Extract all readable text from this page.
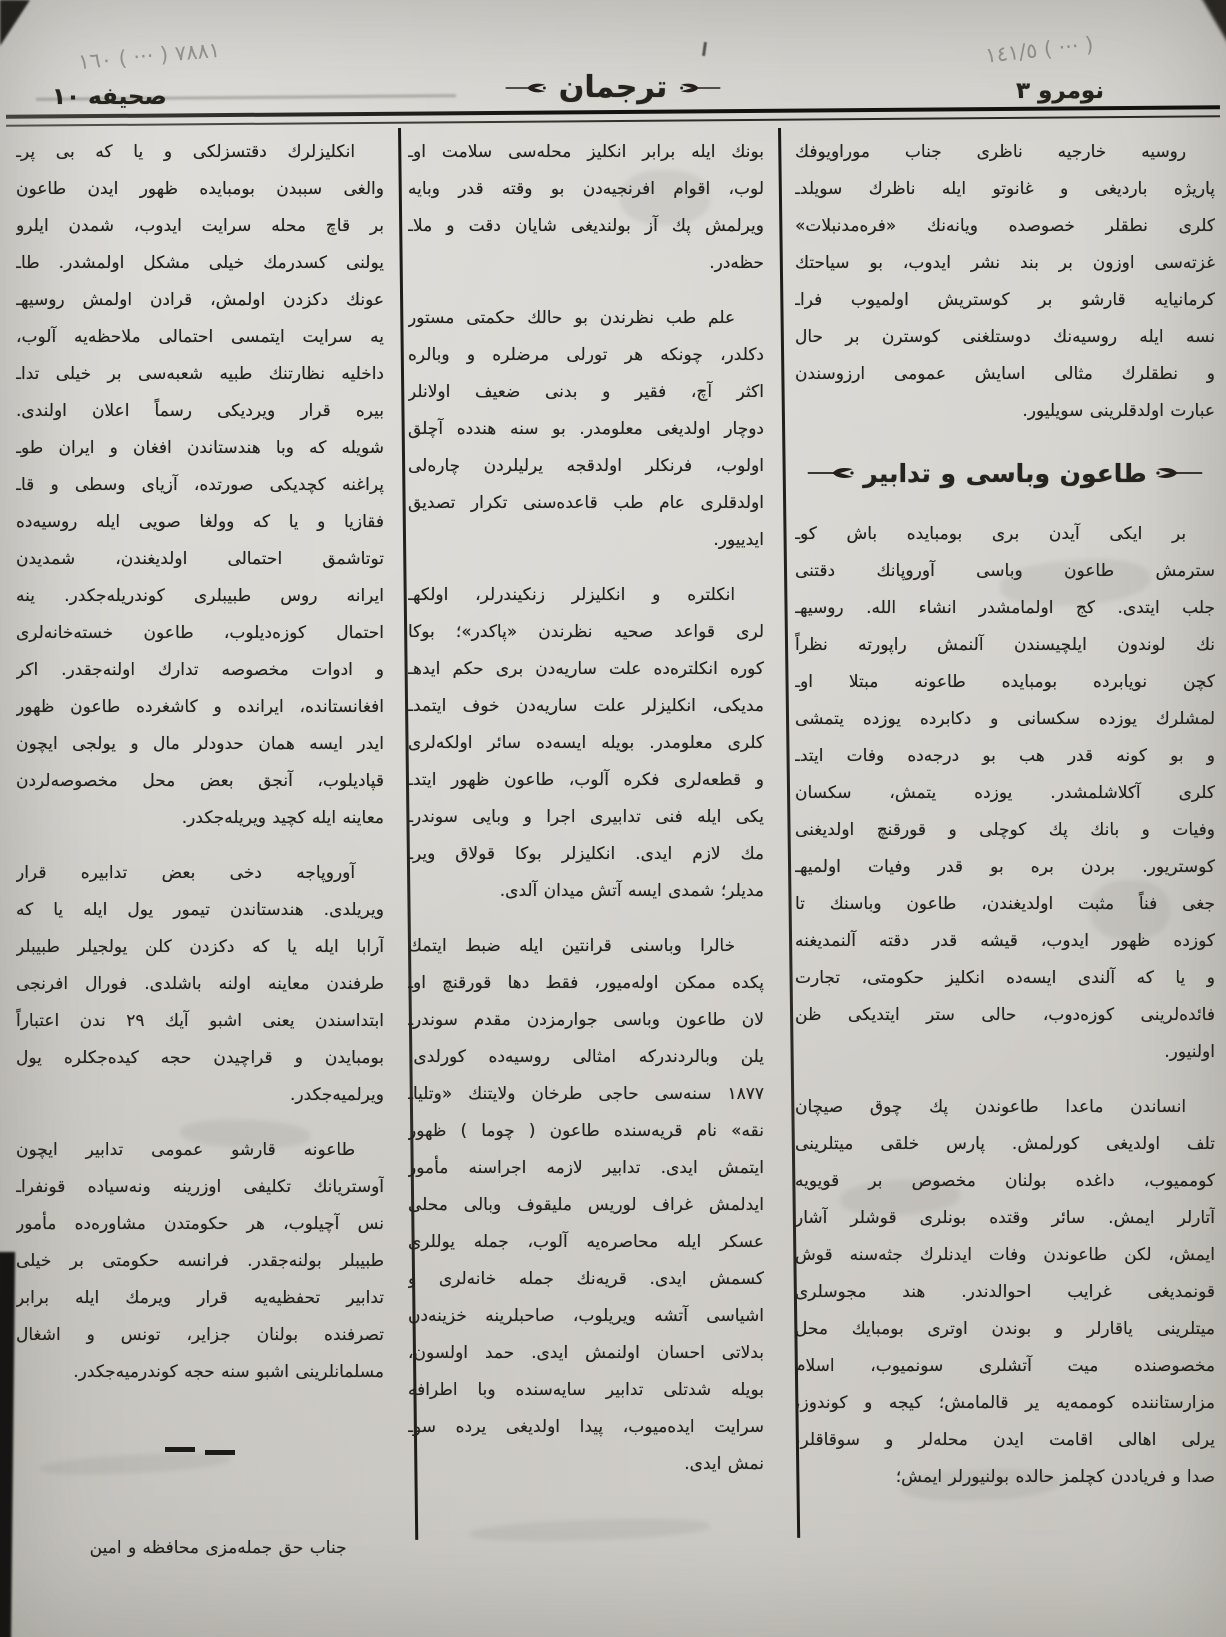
٧٨٨١ ( ··· ) ١٦٠	١٤١/٥ ( ··· )
صحيفه ١٠	ترجمان	نومرو ٣
روسيه خارجيه ناظرى جناب موراويوفك
پاريژه بارديغى و غانوتو ايله ناظرك سويلدـ
كلرى نطقلر خصوصده ويانه‌نك «فره‌مدنبلات»
غزته‌سى اوزون بر بند نشر ايدوب، بو سياحتك
كرمانيايه قارشو بر كوستريش اولميوب فراـ
نسه ايله روسيه‌نك دوستلغنى كوسترن بر حال
و نطقلرك مثالى اسايش عمومى ارزوسندن
عبارت اولدقلرينى سويليور.
طاعون وباسى و تدابير
بر ايكى آيدن برى بومبايده باش كوـ
سترمش طاعون وباسى آوروپانك دقتنى
جلب ايتدى. كج اولمامشدر انشاء الله. روسيهـ
نك لوندون ايلچيسندن آلنمش راپورته نظراً
كچن نويابرده بومبايده طاعونه مبتلا اوـ
لمشلرك يوزده سكسانى و دكابرده يوزده يتمشى
و بو كونه قدر هب بو درجه‌ده وفات ايتدـ
كلرى آكلاشلمشدر. يوزده يتمش، سكسان
وفيات و بانك پك كوچلى و قورقنچ اولديغنى
كوستريور. بردن بره بو قدر وفيات اولميهـ
جغى فناً مثبت اولديغندن، طاعون وباسنك تا
كوزده ظهور ايدوب، قيشه قدر دقته آلنمديغنه
و يا كه آلندى ايسه‌ده انكليز حكومتى، تجارت
فائده‌لرينى كوزه‌دوب، حالى ستر ايتديكى ظن
اولنيور.
انساندن ماعدا طاعوندن پك چوق صيچان
تلف اولديغى كورلمش. پارس خلقى ميتلرينى
كومميوب، داغده بولنان مخصوص بر قويويه
آتارلر ايمش. سائر وقتده بونلرى قوشلر آشار
ايمش، لكن طاعوندن وفات ايدنلرك جثه‌سنه قوش
قونمديغى غرايب احوالدندر. هند مجوسلرى
ميتلرينى ياقارلر و بوندن اوترى بومبايك محل
مخصوصنده ميت آتشلرى سونميوب، اسلام
مزارستاننده كوممه‌يه ير قالمامش؛ كيجه و كوندوز،
يرلى اهالى اقامت ايدن محله‌لر و سوقاقلر،
صدا و فرياددن كچلمز حالده بولنيورلر ايمش؛
بونك ايله برابر انكليز محله‌سى سلامت اوـ
لوب، اقوام افرنجيه‌دن بو وقته قدر وبايه
ويرلمش پك آز بولنديغى شايان دقت و ملاـ
حظه‌در.
علم طب نظرندن بو حالك حكمتى مستور
دكلدر، چونكه هر تورلى مرضلره و وبالره
اكثر آچ، فقير و بدنى ضعيف اولانلر
دوچار اولديغى معلومدر. بو سنه هندده آچلق
اولوب، فرنكلر اولدقجه يرليلردن چاره‌لى
اولدقلرى عام طب قاعده‌سنى تكرار تصديق
ايدييور.
انكلتره و انكليزلر زنكيندرلر، اولكهـ
لرى قواعد صحيه نظرندن «پاكدر»؛ بوكا
كوره انكلتره‌ده علت ساريه‌دن برى حكم ايدهـ
مديكى، انكليزلر علت ساريه‌دن خوف ايتمدـ
كلرى معلومدر. بويله ايسه‌ده سائر اولكه‌لرى
و قطعه‌لرى فكره آلوب، طاعون ظهور ايتدـ
يكى ايله فنى تدابيرى اجرا و وبايى سوندرـ
مك لازم ايدى. انكليزلر بوكا قولاق ويرـ
مديلر؛ شمدى ايسه آتش ميدان آلدى.
خالرا وباسنى قرانتين ايله ضبط ايتمك
پكده ممكن اوله‌ميور، فقط دها قورقنچ اوـ
لان طاعون وباسى جوارمزدن مقدم سوندرـ
يلن وبالردندركه امثالى روسيه‌ده كورلدى.
١٨٧٧ سنه‌سى حاجى طرخان ولايتنك «وتلياـ
نقه» نام قريه‌سنده طاعون ( چوما ) ظهور
ايتمش ايدى. تدابير لازمه اجراسنه مأمور
ايدلمش غراف لوريس مليقوف وبالى محلى
عسكر ايله محاصره‌يه آلوب، جمله يوللرى
كسمش ايدى. قريه‌نك جمله خانه‌لرى و
اشياسى آتشه ويريلوب، صاحبلرينه خزينه‌دن
بدلاتى احسان اولنمش ايدى. حمد اولسون،
بويله شدتلى تدابير سايه‌سنده وبا اطرافه
سرايت ايده‌ميوب، پيدا اولديغى يرده سوـ
نمش ايدى.
انكليزلرك دقتسزلكى و يا كه بى پرـ
والغى سببدن بومبايده ظهور ايدن طاعون
بر قاچ محله سرايت ايدوب، شمدن ايلرو
يولنى كسدرمك خيلى مشكل اولمشدر. طاـ
عونك دكزدن اولمش، قرادن اولمش روسيهـ
يه سرايت ايتمسى احتمالى ملاحظه‌يه آلوب،
داخليه نظارتنك طبيه شعبه‌سى بر خيلى تداـ
بيره قرار ويرديكى رسماً اعلان اولندى.
شويله كه وبا هندستاندن افغان و ايران طوـ
پراغنه كچديكى صورتده، آزياى وسطى و قاـ
فقازيا و يا كه وولغا صويى ايله روسيه‌ده
توتاشمق احتمالى اولديغندن، شمديدن
ايرانه روس طبيبلرى كوندريله‌جكدر. ينه
احتمال كوزه‌ديلوب، طاعون خسته‌خانه‌لرى
و ادوات مخصوصه تدارك اولنه‌جقدر. اكر
افغانستانده، ايرانده و كاشغرده طاعون ظهور
ايدر ايسه همان حدودلر مال و يولجى ايچون
قپاديلوب، آنجق بعض محل مخصوصه‌لردن
معاينه ايله كچيد ويريله‌جكدر.
آوروپاجه دخى بعض تدابيره قرار
ويريلدى. هندستاندن تيمور يول ايله يا كه
آرابا ايله يا كه دكزدن كلن يولجيلر طبيبلر
طرفندن معاينه اولنه باشلدى. فورال افرنجى
ابتداسندن يعنى اشبو آيك ٢٩ ندن اعتباراً
بومبايدن و قراچيدن حجه كيده‌جكلره يول
ويرلميه‌جكدر.
طاعونه قارشو عمومى تدابير ايچون
آوستريانك تكليفى اوزرينه ونه‌سياده قونفراـ
نس آچيلوب، هر حكومتدن مشاوره‌ده مأمور
طبيبلر بولنه‌جقدر. فرانسه حكومتى بر خيلى
تدابير تحفظيه‌يه قرار ويرمك ايله برابر
تصرفنده بولنان جزاير، تونس و اشغال
مسلمانلرينى اشبو سنه حجه كوندرميه‌جكدر.
جناب حق جمله‌مزى محافظه و امين
